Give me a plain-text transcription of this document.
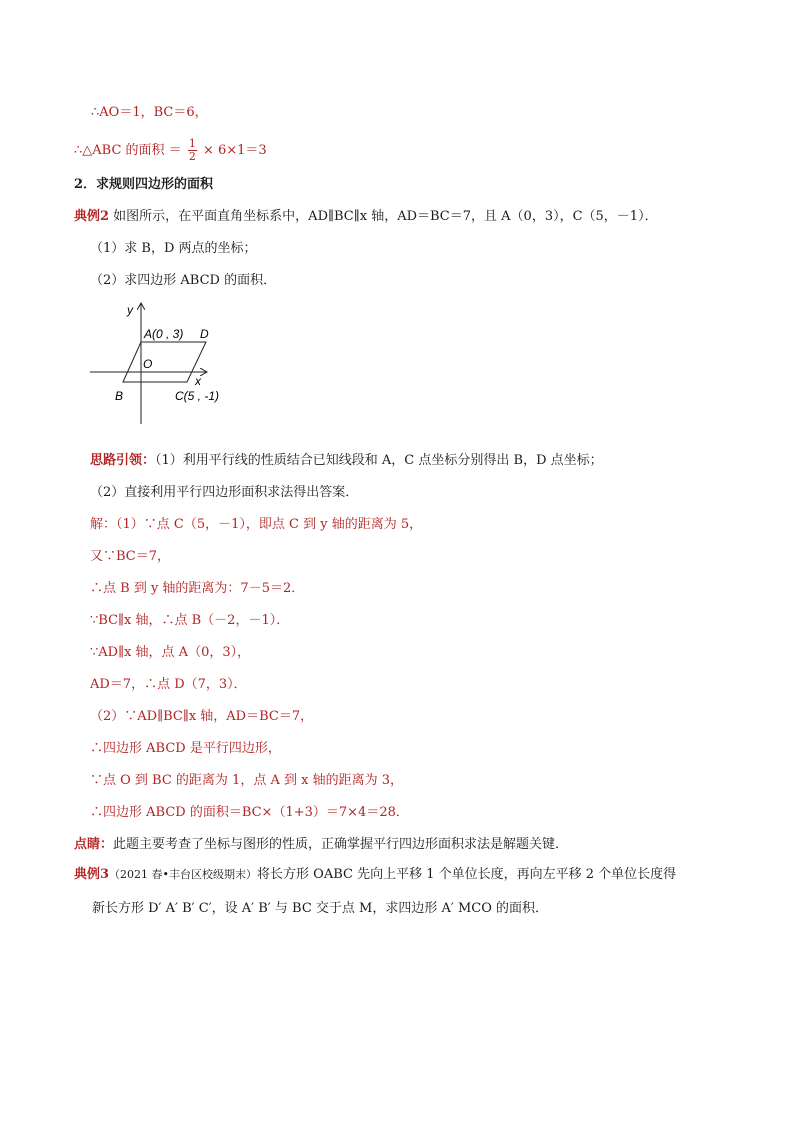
∴AO＝1，BC＝6，
∴△ABC 的面积 ＝ $\frac{1}{2} \times 6\times 1=3$
2．求规则四边形的面积
典例2 如图所示，在平面直角坐标系中，AD∥BC∥x 轴，AD＝BC＝7，且 A（0，3），C（5，－1）．
（1）求 B，D 两点的坐标；
（2）求四边形 ABCD 的面积．
y
x
O
A(0 , 3) D
B	C(5 , -1)
思路引领：（1）利用平行线的性质结合已知线段和 A，C 点坐标分别得出 B，D 点坐标；
（2）直接利用平行四边形面积求法得出答案．
解：（1）∵点 C（5，－1），即点 C 到 y 轴的距离为 5，
又∵BC＝7，
∴点 B 到 y 轴的距离为：7－5＝2．
∵BC∥x 轴，∴点 B（－2，－1）．
∵AD∥x 轴，点 A（0，3），
AD＝7，∴点 D（7，3）．
（2）∵AD∥BC∥x 轴，AD＝BC＝7，
∴四边形 ABCD 是平行四边形，
∵点 O 到 BC 的距离为 1，点 A 到 x 轴的距离为 3，
∴四边形 ABCD 的面积＝BC×（1+3）＝7×4＝28．
点睛：此题主要考查了坐标与图形的性质，正确掌握平行四边形面积求法是解题关键．
典例3（2021 春•丰台区校级期末）将长方形 OABC 先向上平移 1 个单位长度，再向左平移 2 个单位长度得
新长方形 D′ A′ B′ C′，设 A′ B′ 与 BC 交于点 M，求四边形 A′ MCO 的面积．
